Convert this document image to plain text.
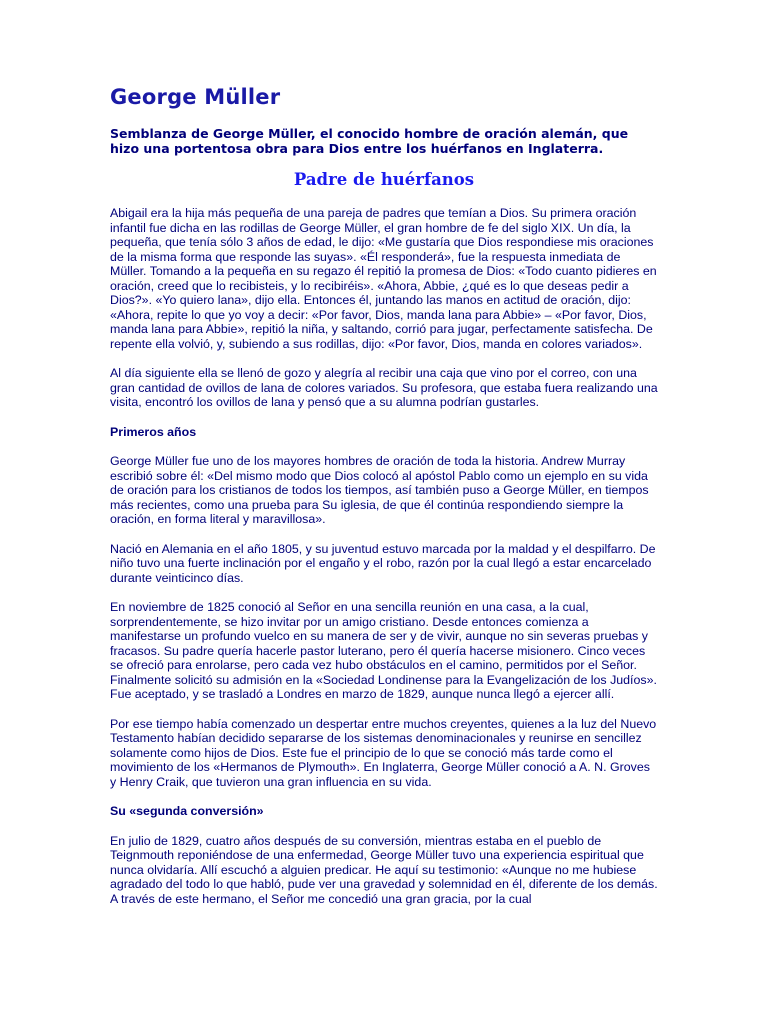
George Müller
Semblanza de George Müller, el conocido hombre de oración alemán, que hizo una portentosa obra para Dios entre los huérfanos en Inglaterra.
Padre de huérfanos

Abigail era la hija más pequeña de una pareja de padres que temían a Dios. Su primera oración infantil fue dicha en las rodillas de George Müller, el gran hombre de fe del siglo XIX. Un día, la pequeña, que tenía sólo 3 años de edad, le dijo: «Me gustaría que Dios respondiese mis oraciones de la misma forma que responde las suyas». «Él responderá», fue la respuesta inmediata de Müller. Tomando a la pequeña en su regazo él repitió la promesa de Dios: «Todo cuanto pidieres en oración, creed que lo recibisteis, y lo recibiréis». «Ahora, Abbie, ¿qué es lo que deseas pedir a Dios?». «Yo quiero lana», dijo ella. Entonces él, juntando las manos en actitud de oración, dijo: «Ahora, repite lo que yo voy a decir: «Por favor, Dios, manda lana para Abbie» – «Por favor, Dios, manda lana para Abbie», repitió la niña, y saltando, corrió para jugar, perfectamente satisfecha. De repente ella volvió, y, subiendo a sus rodillas, dijo: «Por favor, Dios, manda en colores variados».

Al día siguiente ella se llenó de gozo y alegría al recibir una caja que vino por el correo, con una gran cantidad de ovillos de lana de colores variados. Su profesora, que estaba fuera realizando una visita, encontró los ovillos de lana y pensó que a su alumna podrían gustarles.

Primeros años

George Müller fue uno de los mayores hombres de oración de toda la historia. Andrew Murray escribió sobre él: «Del mismo modo que Dios colocó al apóstol Pablo como un ejemplo en su vida de oración para los cristianos de todos los tiempos, así también puso a George Müller, en tiempos más recientes, como una prueba para Su iglesia, de que él continúa respondiendo siempre la oración, en forma literal y maravillosa».

Nació en Alemania en el año 1805, y su juventud estuvo marcada por la maldad y el despilfarro. De niño tuvo una fuerte inclinación por el engaño y el robo, razón por la cual llegó a estar encarcelado durante veinticinco días.

En noviembre de 1825 conoció al Señor en una sencilla reunión en una casa, a la cual, sorprendentemente, se hizo invitar por un amigo cristiano. Desde entonces comienza a manifestarse un profundo vuelco en su manera de ser y de vivir, aunque no sin severas pruebas y fracasos. Su padre quería hacerle pastor luterano, pero él quería hacerse misionero. Cinco veces se ofreció para enrolarse, pero cada vez hubo obstáculos en el camino, permitidos por el Señor. Finalmente solicitó su admisión en la «Sociedad Londinense para la Evangelización de los Judíos». Fue aceptado, y se trasladó a Londres en marzo de 1829, aunque nunca llegó a ejercer allí.

Por ese tiempo había comenzado un despertar entre muchos creyentes, quienes a la luz del Nuevo Testamento habían decidido separarse de los sistemas denominacionales y reunirse en sencillez solamente como hijos de Dios. Este fue el principio de lo que se conoció más tarde como el movimiento de los «Hermanos de Plymouth». En Inglaterra, George Müller conoció a A. N. Groves y Henry Craik, que tuvieron una gran influencia en su vida.

Su «segunda conversión»

En julio de 1829, cuatro años después de su conversión, mientras estaba en el pueblo de Teignmouth reponiéndose de una enfermedad, George Müller tuvo una experiencia espiritual que nunca olvidaría. Allí escuchó a alguien predicar. He aquí su testimonio: «Aunque no me hubiese agradado del todo lo que habló, pude ver una gravedad y solemnidad en él, diferente de los demás. A través de este hermano, el Señor me concedió una gran gracia, por la cual
